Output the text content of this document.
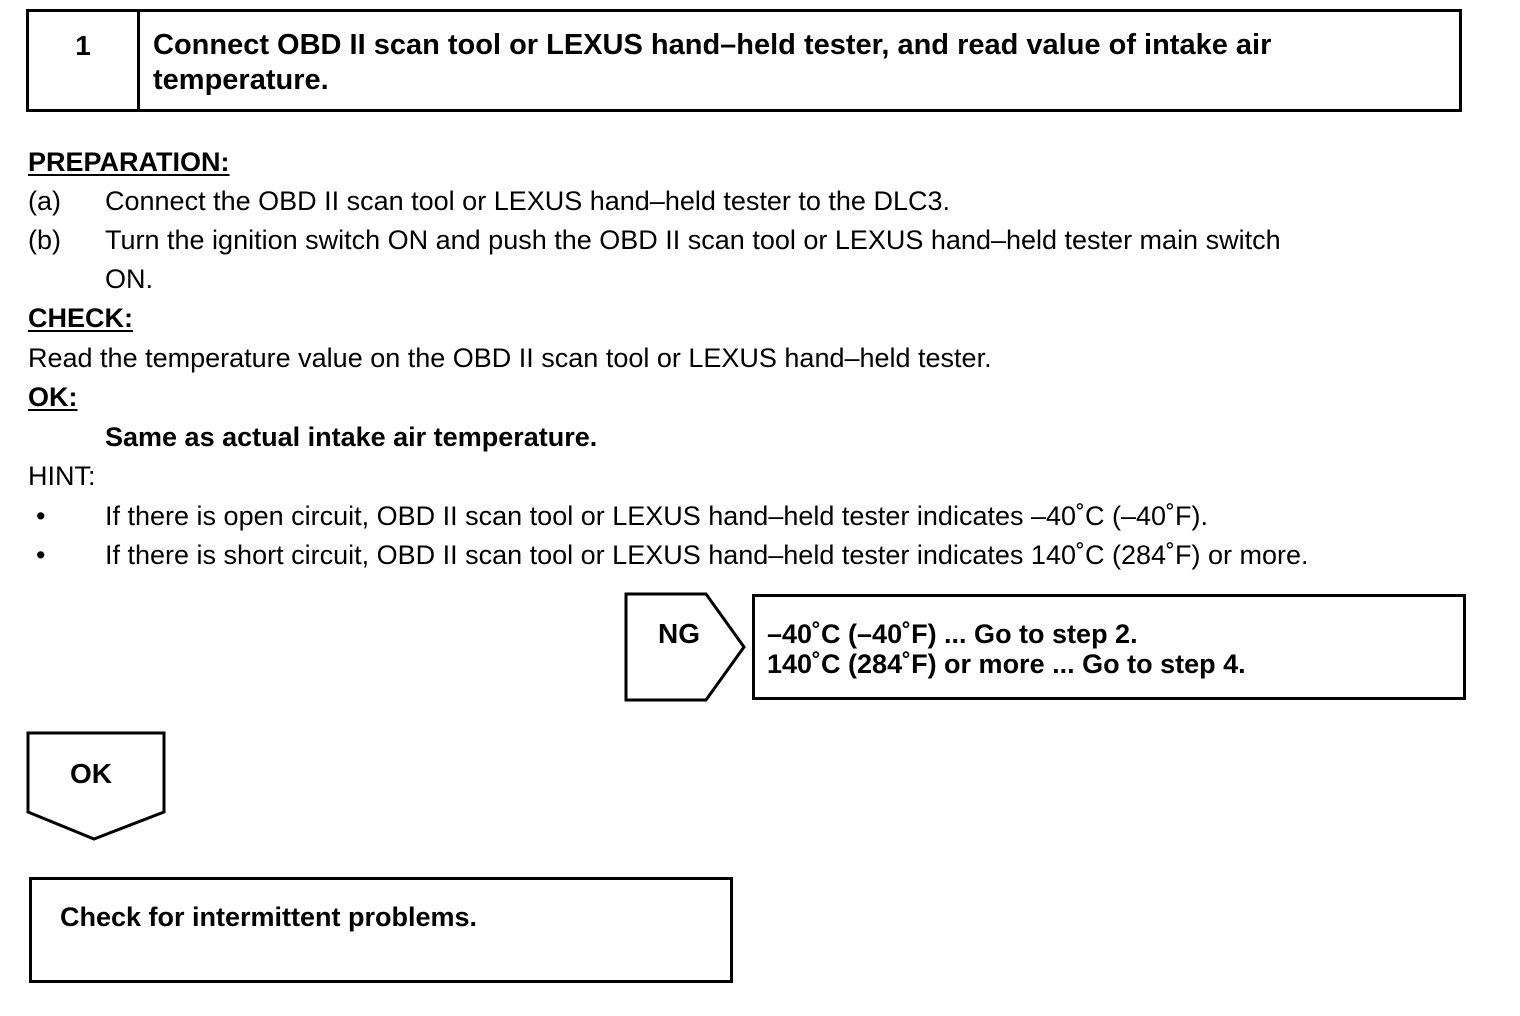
1	Connect OBD II scan tool or LEXUS hand–held tester, and read value of intake air temperature.
PREPARATION:
(a) Connect the OBD II scan tool or LEXUS hand–held tester to the DLC3.
(b) Turn the ignition switch ON and push the OBD II scan tool or LEXUS hand–held tester main switch
ON.
CHECK:
Read the temperature value on the OBD II scan tool or LEXUS hand–held tester.
OK:
Same as actual intake air temperature.
HINT:
• If there is open circuit, OBD II scan tool or LEXUS hand–held tester indicates –40˚C (–40˚F).
• If there is short circuit, OBD II scan tool or LEXUS hand–held tester indicates 140˚C (284˚F) or more.
NG –40˚C (–40˚F) ... Go to step 2.
140˚C (284˚F) or more ... Go to step 4.
OK
Check for intermittent problems.
